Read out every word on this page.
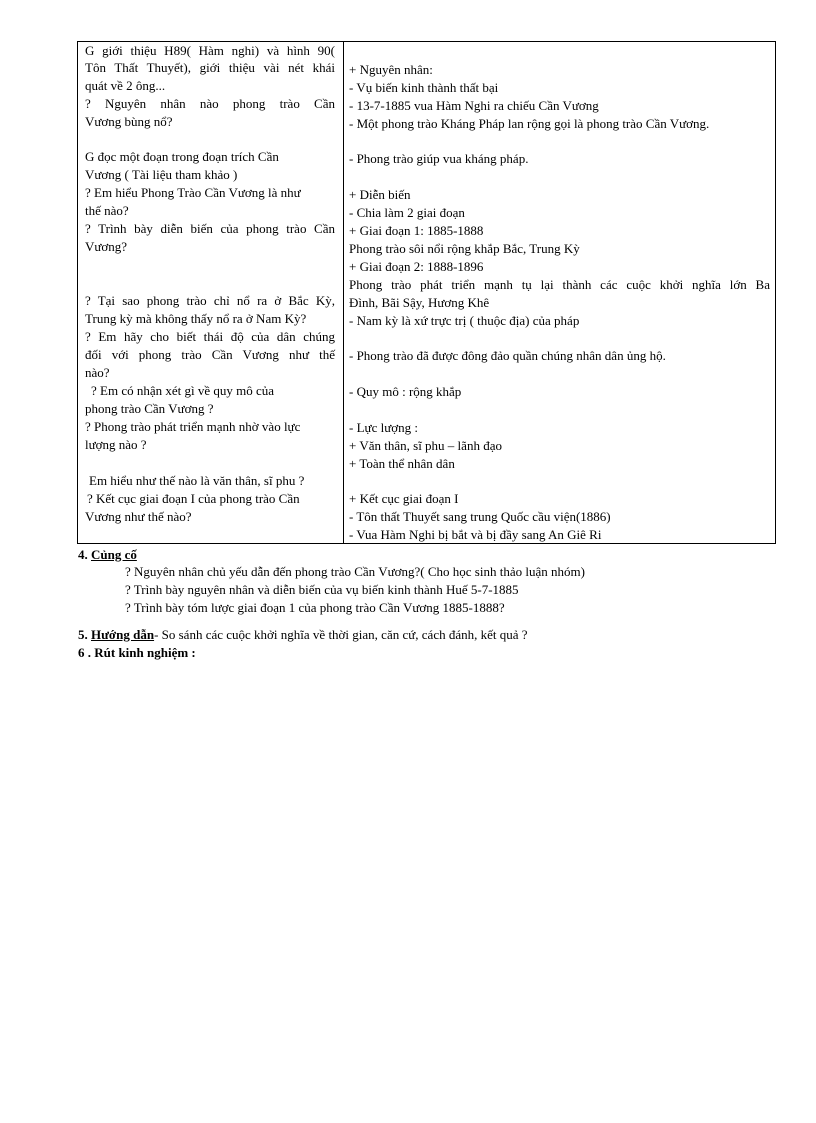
G giới thiệu H89( Hàm nghi) và hình 90(
Tôn Thất Thuyết), giới thiệu vài nét khái
quát về 2 ông...
? Nguyên nhân nào phong trào Cần
Vương bùng nổ?
G đọc một đoạn trong đoạn trích Cần
Vương ( Tài liệu tham khảo )
? Em hiểu Phong Trào Cần Vương là như
thế nào?
? Trình bày diễn biến của phong trào Cần
Vương?
? Tại sao phong trào chỉ nổ ra ở Bắc Kỳ,
Trung kỳ mà không thấy nổ ra ở Nam Kỳ?
? Em hãy cho biết thái độ của dân chúng
đối với phong trào Cần Vương như thế
nào?
? Em có nhận xét gì về quy mô của
phong trào Cần Vương ?
? Phong trào phát triển mạnh nhờ vào lực
lượng nào ?
Em hiểu như thế nào là văn thân, sĩ phu ?
? Kết cục giai đoạn I của phong trào Cần
Vương như thế nào?
+ Nguyên nhân:
- Vụ biến kinh thành thất bại
- 13-7-1885 vua Hàm Nghi ra chiếu Cần Vương
- Một phong trào Kháng Pháp lan rộng gọi là phong trào Cần Vương.
- Phong trào giúp vua kháng pháp.
+ Diễn biến
- Chia làm 2 giai đoạn
+ Giai đoạn 1: 1885-1888
Phong trào sôi nổi rộng khắp Bắc, Trung Kỳ
+ Giai đoạn 2: 1888-1896
Phong trào phát triển mạnh tụ lại thành các cuộc khởi nghĩa lớn Ba
Đình, Bãi Sậy, Hương Khê
- Nam kỳ là xứ trực trị ( thuộc địa) của pháp
- Phong trào đã được đông đảo quần chúng nhân dân ủng hộ.
- Quy mô : rộng khắp
- Lực lượng :
+ Văn thân, sĩ phu – lãnh đạo
+ Toàn thể nhân dân
+ Kết cục giai đoạn I
- Tôn thất Thuyết sang trung Quốc cầu viện(1886)
- Vua Hàm Nghi bị bắt và bị đầy sang An Giê Ri
4. Củng cố
? Nguyên nhân chủ yếu dẫn đến phong trào Cần Vương?( Cho học sinh thảo luận nhóm)
? Trình bày nguyên nhân và diễn biến của vụ biến kinh thành Huế 5-7-1885
? Trình bày tóm lược giai đoạn 1 của phong trào Cần Vương 1885-1888?
5. Hướng dẫn- So sánh các cuộc khởi nghĩa về thời gian, căn cứ, cách đánh, kết quả ?
6 . Rút kinh nghiệm :
